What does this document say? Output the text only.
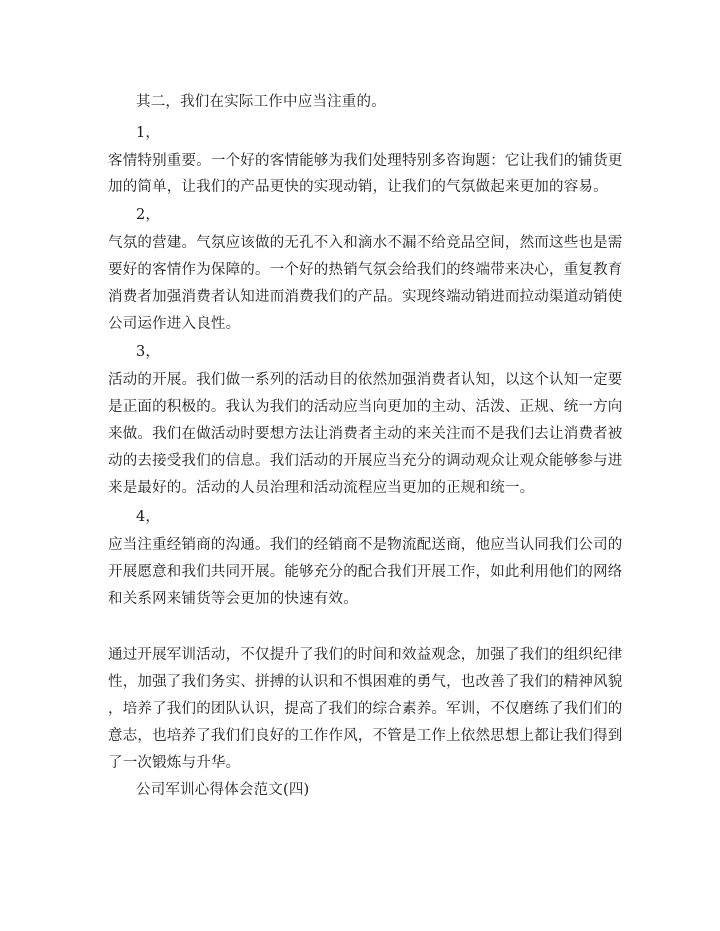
其二，我们在实际工作中应当注重的。
1，
客情特别重要。一个好的客情能够为我们处理特别多咨询题：它让我们的铺货更
加的简单，让我们的产品更快的实现动销，让我们的气氛做起来更加的容易。
2，
气氛的营建。气氛应该做的无孔不入和滴水不漏不给竞品空间，然而这些也是需
要好的客情作为保障的。一个好的热销气氛会给我们的终端带来决心，重复教育
消费者加强消费者认知进而消费我们的产品。实现终端动销进而拉动渠道动销使
公司运作进入良性。
3，
活动的开展。我们做一系列的活动目的依然加强消费者认知，以这个认知一定要
是正面的积极的。我认为我们的活动应当向更加的主动、活泼、正规、统一方向
来做。我们在做活动时要想方法让消费者主动的来关注而不是我们去让消费者被
动的去接受我们的信息。我们活动的开展应当充分的调动观众让观众能够参与进
来是最好的。活动的人员治理和活动流程应当更加的正规和统一。
4，
应当注重经销商的沟通。我们的经销商不是物流配送商，他应当认同我们公司的
开展愿意和我们共同开展。能够充分的配合我们开展工作，如此利用他们的网络
和关系网来铺货等会更加的快速有效。
通过开展军训活动，不仅提升了我们的时间和效益观念，加强了我们的组织纪律
性，加强了我们务实、拼搏的认识和不惧困难的勇气，也改善了我们的精神风貌
，培养了我们的团队认识，提高了我们的综合素养。军训，不仅磨练了我们们的
意志，也培养了我们们良好的工作作风，不管是工作上依然思想上都让我们得到
了一次锻炼与升华。
公司军训心得体会范文(四)
